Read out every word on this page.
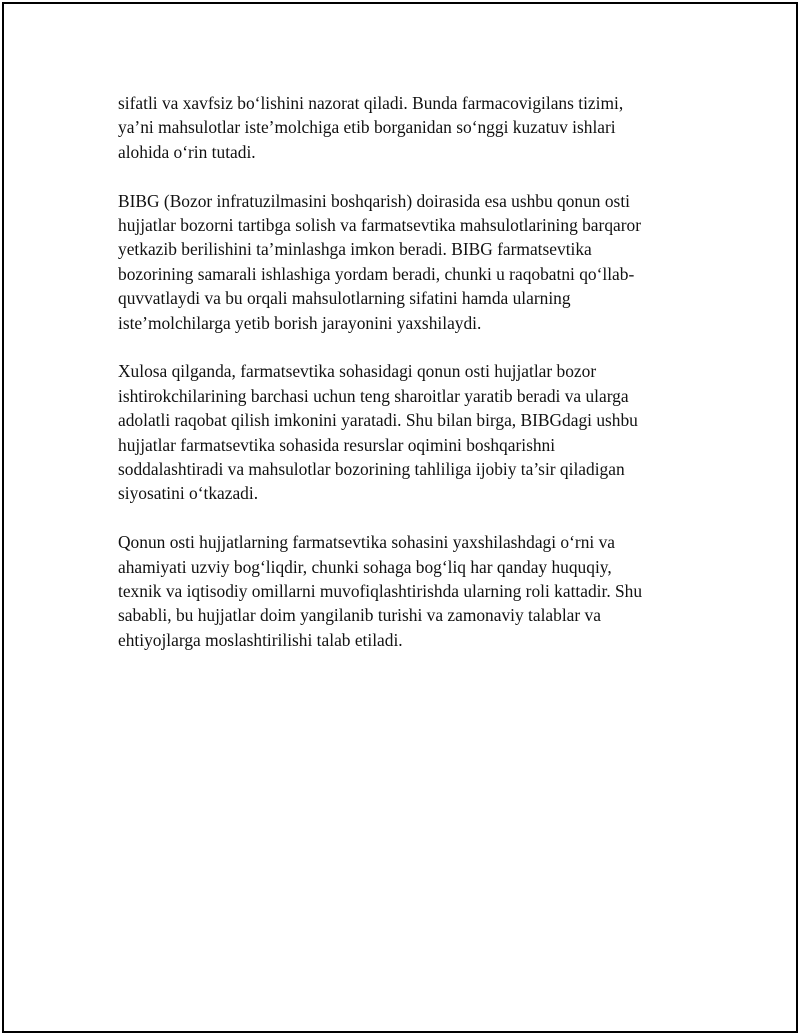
sifatli va xavfsiz bo‘lishini nazorat qiladi. Bunda farmacovigilans tizimi,
ya’ni mahsulotlar iste’molchiga etib borganidan so‘nggi kuzatuv ishlari
alohida o‘rin tutadi.

BIBG (Bozor infratuzilmasini boshqarish) doirasida esa ushbu qonun osti
hujjatlar bozorni tartibga solish va farmatsevtika mahsulotlarining barqaror
yetkazib berilishini ta’minlashga imkon beradi. BIBG farmatsevtika
bozorining samarali ishlashiga yordam beradi, chunki u raqobatni qo‘llab-
quvvatlaydi va bu orqali mahsulotlarning sifatini hamda ularning
iste’molchilarga yetib borish jarayonini yaxshilaydi.

Xulosa qilganda, farmatsevtika sohasidagi qonun osti hujjatlar bozor
ishtirokchilarining barchasi uchun teng sharoitlar yaratib beradi va ularga
adolatli raqobat qilish imkonini yaratadi. Shu bilan birga, BIBGdagi ushbu
hujjatlar farmatsevtika sohasida resurslar oqimini boshqarishni
soddalashtiradi va mahsulotlar bozorining tahliliga ijobiy ta’sir qiladigan
siyosatini o‘tkazadi.

Qonun osti hujjatlarning farmatsevtika sohasini yaxshilashdagi o‘rni va
ahamiyati uzviy bog‘liqdir, chunki sohaga bog‘liq har qanday huquqiy,
texnik va iqtisodiy omillarni muvofiqlashtirishda ularning roli kattadir. Shu
sababli, bu hujjatlar doim yangilanib turishi va zamonaviy talablar va
ehtiyojlarga moslashtirilishi talab etiladi.
